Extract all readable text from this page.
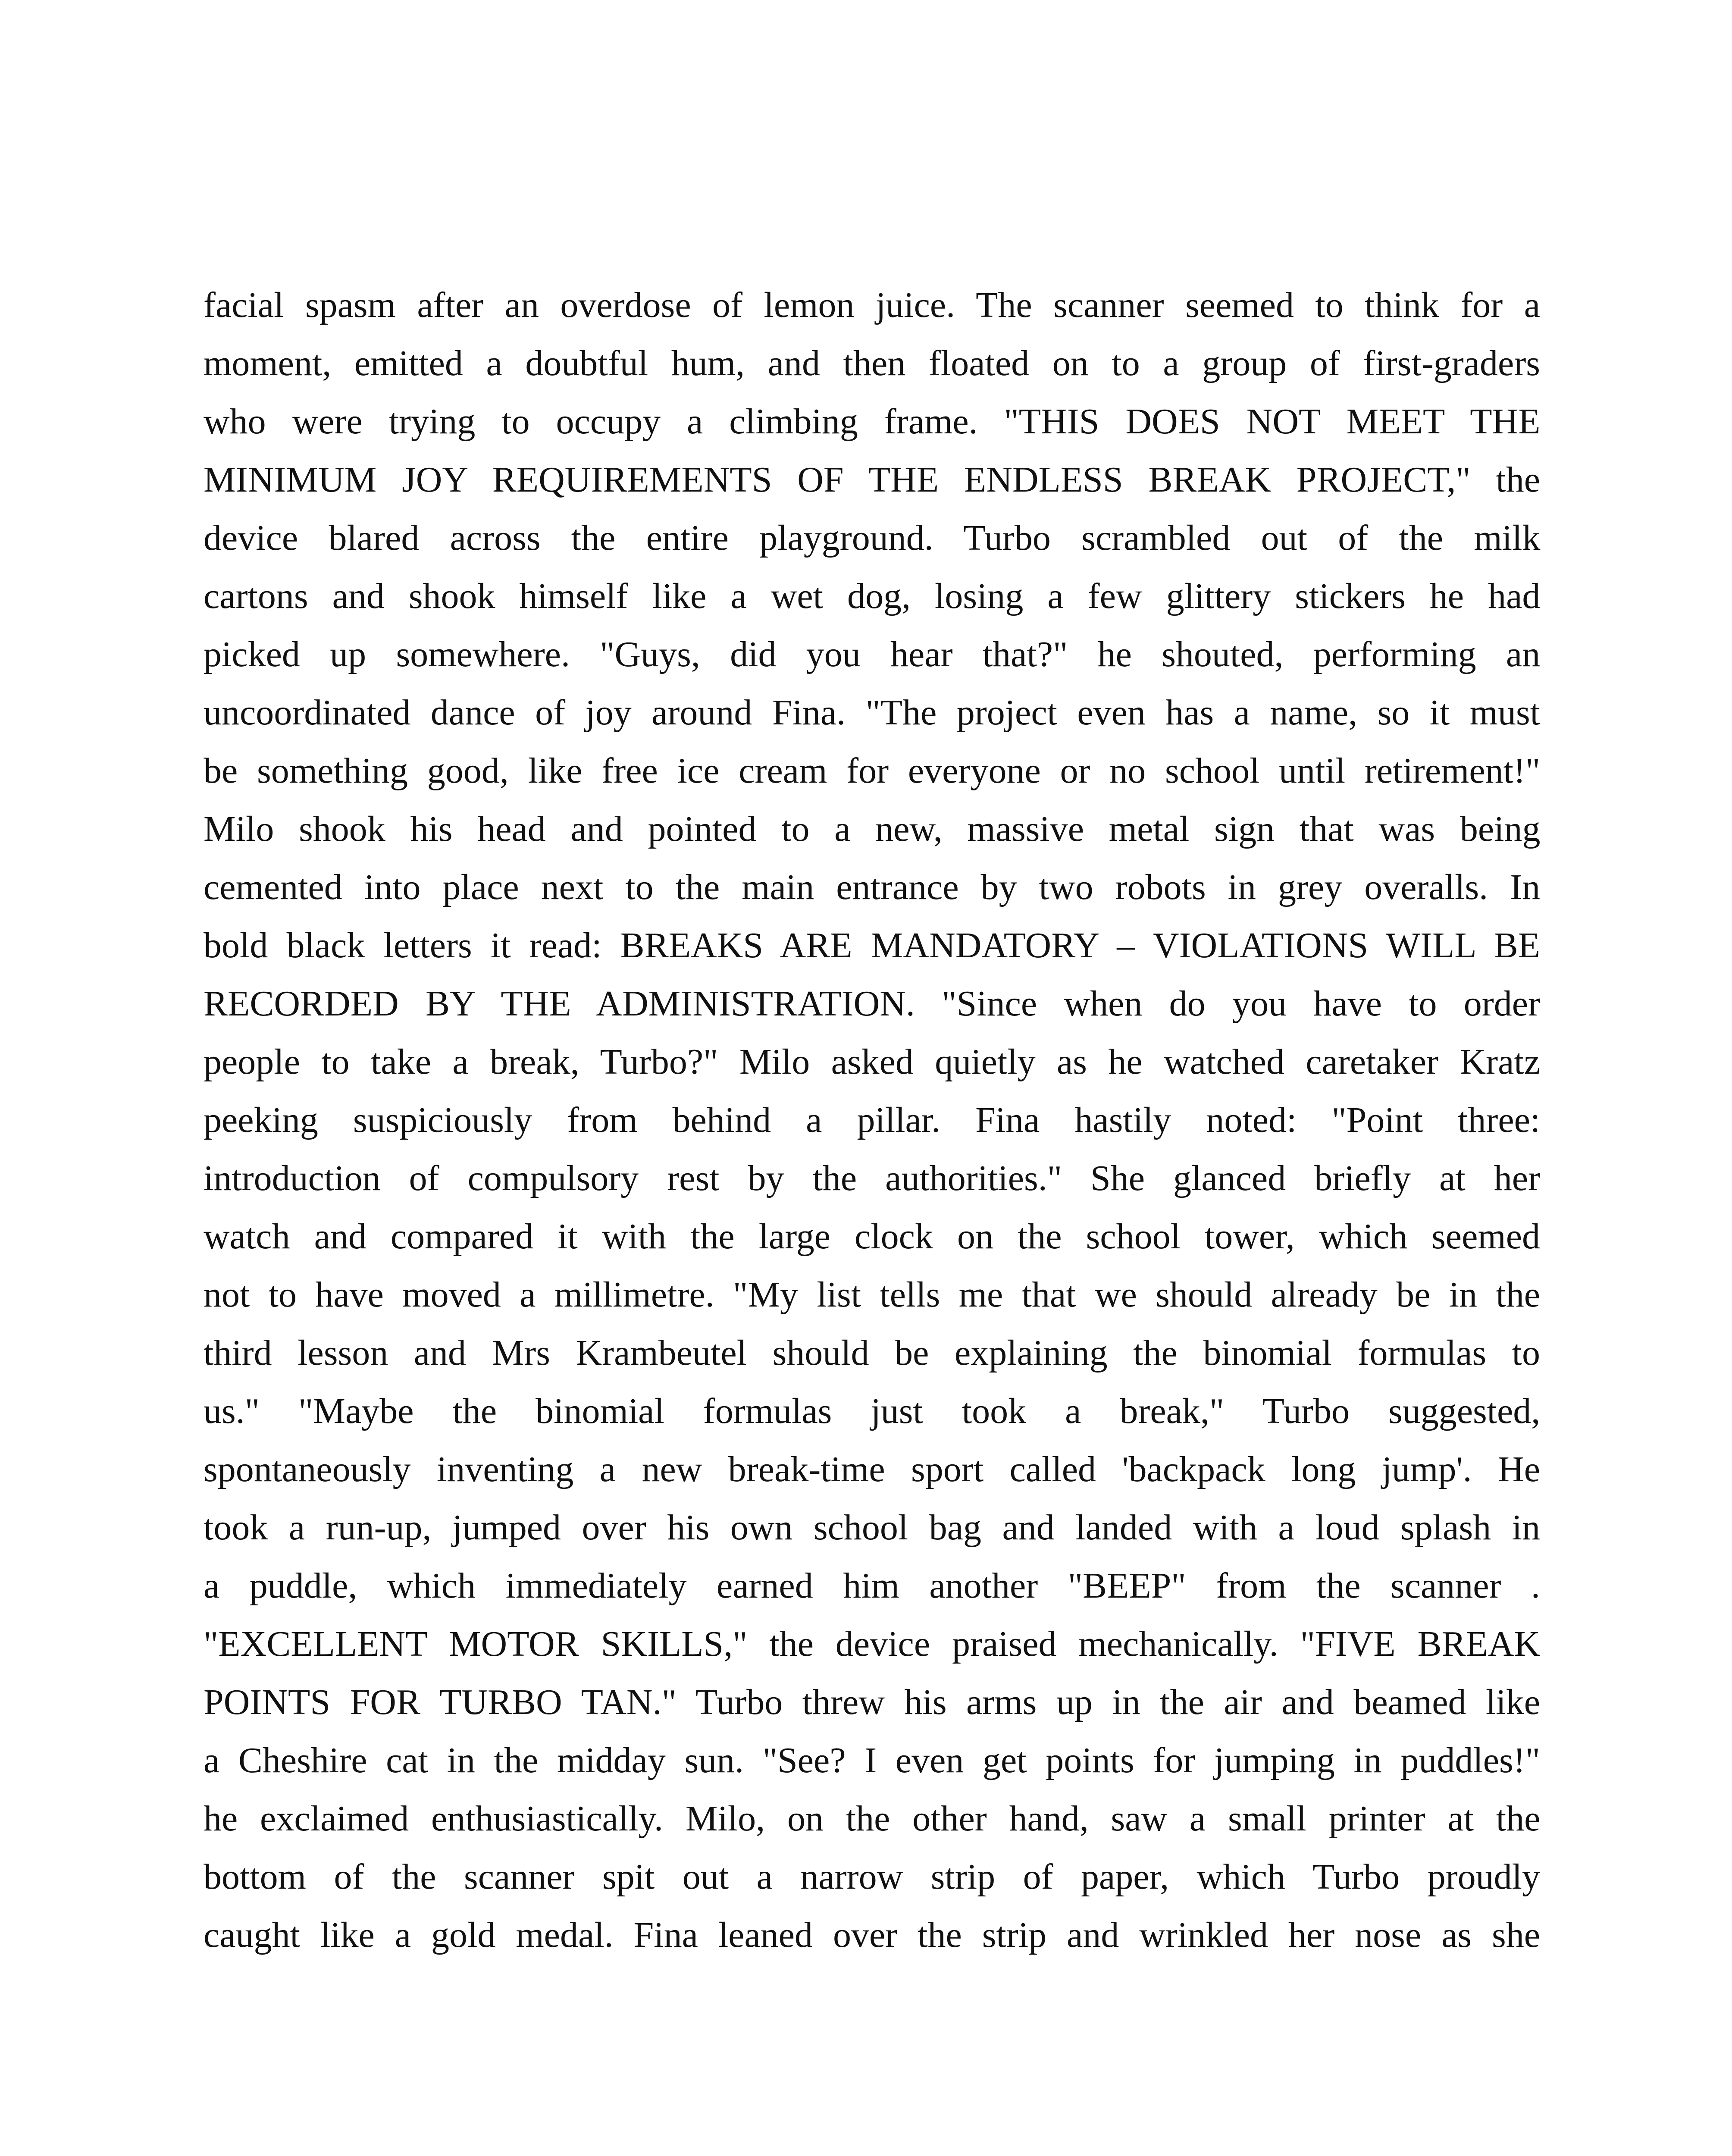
facial spasm after an overdose of lemon juice. The scanner seemed to think for a
moment, emitted a doubtful hum, and then floated on to a group of first-graders
who were trying to occupy a climbing frame. "THIS DOES NOT MEET THE
MINIMUM JOY REQUIREMENTS OF THE ENDLESS BREAK PROJECT," the
device blared across the entire playground. Turbo scrambled out of the milk
cartons and shook himself like a wet dog, losing a few glittery stickers he had
picked up somewhere. "Guys, did you hear that?" he shouted, performing an
uncoordinated dance of joy around Fina. "The project even has a name, so it must
be something good, like free ice cream for everyone or no school until retirement!"
Milo shook his head and pointed to a new, massive metal sign that was being
cemented into place next to the main entrance by two robots in grey overalls. In
bold black letters it read: BREAKS ARE MANDATORY – VIOLATIONS WILL BE
RECORDED BY THE ADMINISTRATION. "Since when do you have to order
people to take a break, Turbo?" Milo asked quietly as he watched caretaker Kratz
peeking suspiciously from behind a pillar. Fina hastily noted: "Point three:
introduction of compulsory rest by the authorities." She glanced briefly at her
watch and compared it with the large clock on the school tower, which seemed
not to have moved a millimetre. "My list tells me that we should already be in the
third lesson and Mrs Krambeutel should be explaining the binomial formulas to
us." "Maybe the binomial formulas just took a break," Turbo suggested,
spontaneously inventing a new break-time sport called 'backpack long jump'. He
took a run-up, jumped over his own school bag and landed with a loud splash in
a puddle, which immediately earned him another "BEEP" from the scanner .
"EXCELLENT MOTOR SKILLS," the device praised mechanically. "FIVE BREAK
POINTS FOR TURBO TAN." Turbo threw his arms up in the air and beamed like
a Cheshire cat in the midday sun. "See? I even get points for jumping in puddles!"
he exclaimed enthusiastically. Milo, on the other hand, saw a small printer at the
bottom of the scanner spit out a narrow strip of paper, which Turbo proudly
caught like a gold medal. Fina leaned over the strip and wrinkled her nose as she
